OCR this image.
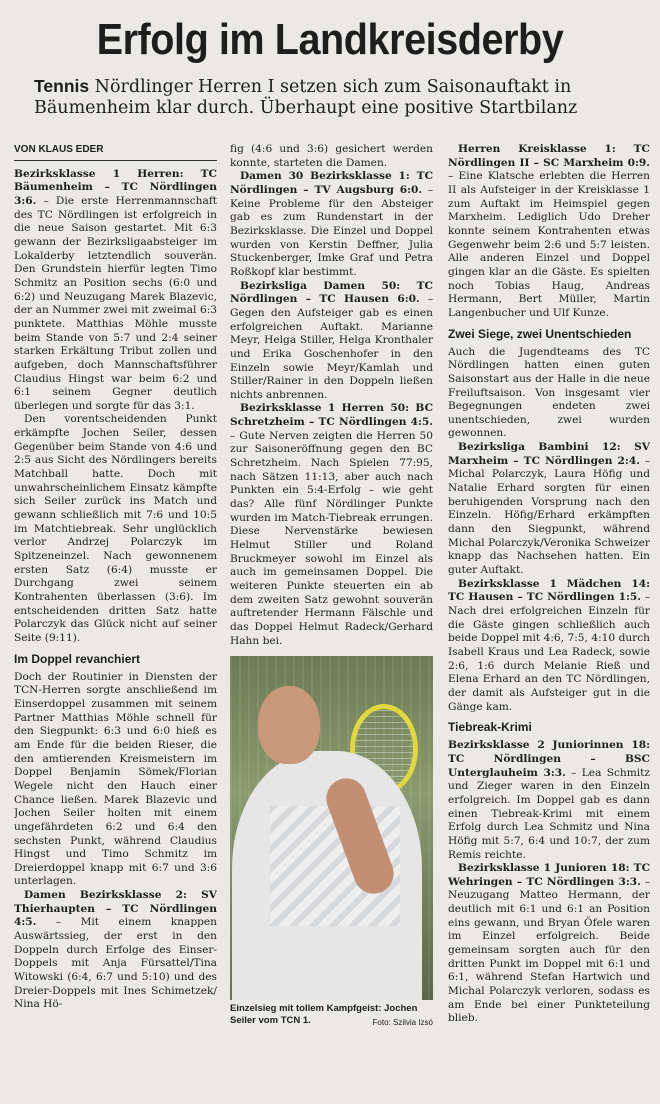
Erfolg im Landkreisderby

Tennis Nördlinger Herren I setzen sich zum Saisonauftakt in Bäumenheim klar durch. Überhaupt eine positive Startbilanz

VON KLAUS EDER

Bezirksklasse 1 Herren: TC Bäumenheim – TC Nördlingen 3:6. – Die erste Herrenmannschaft des TC Nördlingen ist erfolgreich in die neue Saison gestartet. Mit 6:3 gewann der Bezirksligaabsteiger im Lokalderby letztendlich souverän. Den Grundstein hierfür legten Timo Schmitz an Position sechs (6:0 und 6:2) und Neuzugang Marek Blazevic, der an Nummer zwei mit zweimal 6:3 punktete. Matthias Möhle musste beim Stande von 5:7 und 2:4 seiner starken Erkältung Tribut zollen und aufgeben, doch Mannschaftsführer Claudius Hingst war beim 6:2 und 6:1 seinem Gegner deutlich überlegen und sorgte für das 3:1.

Den vorentscheidenden Punkt erkämpfte Jochen Seiler, dessen Gegenüber beim Stande von 4:6 und 2:5 aus Sicht des Nördlingers bereits Matchball hatte. Doch mit unwahrscheinlichem Einsatz kämpfte sich Seiler zurück ins Match und gewann schließlich mit 7:6 und 10:5 im Matchtiebreak. Sehr unglücklich verlor Andrzej Polarczyk im Spitzeneinzel. Nach gewonnenem ersten Satz (6:4) musste er Durchgang zwei seinem Kontrahenten überlassen (3:6). Im entscheidenden dritten Satz hatte Polarczyk das Glück nicht auf seiner Seite (9:11).

Im Doppel revanchiert

Doch der Routinier in Diensten der TCN-Herren sorgte anschließend im Einserdoppel zusammen mit seinem Partner Matthias Möhle schnell für den Siegpunkt: 6:3 und 6:0 hieß es am Ende für die beiden Rieser, die den amtierenden Kreismeistern im Doppel Benjamin Sömek/Florian Wegele nicht den Hauch einer Chance ließen. Marek Blazevic und Jochen Seiler holten mit einem ungefährdeten 6:2 und 6:4 den sechsten Punkt, während Claudius Hingst und Timo Schmitz im Dreierdoppel knapp mit 6:7 und 3:6 unterlagen.

Damen Bezirksklasse 2: SV Thierhaupten – TC Nördlingen 4:5. – Mit einem knappen Auswärtssieg, der erst in den Doppeln durch Erfolge des Einser-Doppels mit Anja Fürsattel/Tina Witowski (6:4, 6:7 und 5:10) und des Dreier-Doppels mit Ines Schimetzek/ Nina Hö-

fig (4:6 und 3:6) gesichert werden konnte, starteten die Damen.

Damen 30 Bezirksklasse 1: TC Nördlingen – TV Augsburg 6:0. – Keine Probleme für den Absteiger gab es zum Rundenstart in der Bezirksklasse. Die Einzel und Doppel wurden von Kerstin Deffner, Julia Stuckenberger, Imke Graf und Petra Roßkopf klar bestimmt.

Bezirksliga Damen 50: TC Nördlingen – TC Hausen 6:0. – Gegen den Aufsteiger gab es einen erfolgreichen Auftakt. Marianne Meyr, Helga Stiller, Helga Kronthaler und Erika Goschenhofer in den Einzeln sowie Meyr/Kamlah und Stiller/Rainer in den Doppeln ließen nichts anbrennen.

Bezirksklasse 1 Herren 50: BC Schretzheim – TC Nördlingen 4:5. – Gute Nerven zeigten die Herren 50 zur Saisoneröffnung gegen den BC Schretzheim. Nach Spielen 77:95, nach Sätzen 11:13, aber auch nach Punkten ein 5:4-Erfolg – wie geht das? Alle fünf Nördlinger Punkte wurden im Match-Tiebreak errungen. Diese Nervenstärke bewiesen Helmut Stiller und Roland Bruckmeyer sowohl im Einzel als auch im gemeinsamen Doppel. Die weiteren Punkte steuerten ein ab dem zweiten Satz gewohnt souverän auftretender Hermann Fälschle und das Doppel Helmut Radeck/Gerhard Hahn bei.

Einzelsieg mit tollem Kampfgeist: Jochen Seiler vom TCN 1.	Foto: Szilvia Izsó

Herren Kreisklasse 1: TC Nördlingen II – SC Marxheim 0:9. – Eine Klatsche erlebten die Herren II als Aufsteiger in der Kreisklasse 1 zum Auftakt im Heimspiel gegen Marxheim. Lediglich Udo Dreher konnte seinem Kontrahenten etwas Gegenwehr beim 2:6 und 5:7 leisten. Alle anderen Einzel und Doppel gingen klar an die Gäste. Es spielten noch Tobias Haug, Andreas Hermann, Bert Müller, Martin Langenbucher und Ulf Kunze.

Zwei Siege, zwei Unentschieden

Auch die Jugendteams des TC Nördlingen hatten einen guten Saisonstart aus der Halle in die neue Freiluftsaison. Von insgesamt vier Begegnungen endeten zwei unentschieden, zwei wurden gewonnen.

Bezirksliga Bambini 12: SV Marxheim – TC Nördlingen 2:4. – Michal Polarczyk, Laura Höfig und Natalie Erhard sorgten für einen beruhigenden Vorsprung nach den Einzeln. Höfig/Erhard erkämpften dann den Siegpunkt, während Michal Polarczyk/Veronika Schweizer knapp das Nachsehen hatten. Ein guter Auftakt.

Bezirksklasse 1 Mädchen 14: TC Hausen – TC Nördlingen 1:5. – Nach drei erfolgreichen Einzeln für die Gäste gingen schließlich auch beide Doppel mit 4:6, 7:5, 4:10 durch Isabell Kraus und Lea Radeck, sowie 2:6, 1:6 durch Melanie Rieß und Elena Erhard an den TC Nördlingen, der damit als Aufsteiger gut in die Gänge kam.

Tiebreak-Krimi

Bezirksklasse 2 Juniorinnen 18: TC Nördlingen – BSC Unterglauheim 3:3. – Lea Schmitz und Zieger waren in den Einzeln erfolgreich. Im Doppel gab es dann einen Tiebreak-Krimi mit einem Erfolg durch Lea Schmitz und Nina Höfig mit 5:7, 6:4 und 10:7, der zum Remis reichte.

Bezirksklasse 1 Junioren 18: TC Wehringen – TC Nördlingen 3:3. – Neuzugang Matteo Hermann, der deutlich mit 6:1 und 6:1 an Position eins gewann, und Bryan Öfele waren im Einzel erfolgreich. Beide gemeinsam sorgten auch für den dritten Punkt im Doppel mit 6:1 und 6:1, während Stefan Hartwich und Michal Polarczyk verloren, sodass es am Ende bei einer Punkteteilung blieb.
